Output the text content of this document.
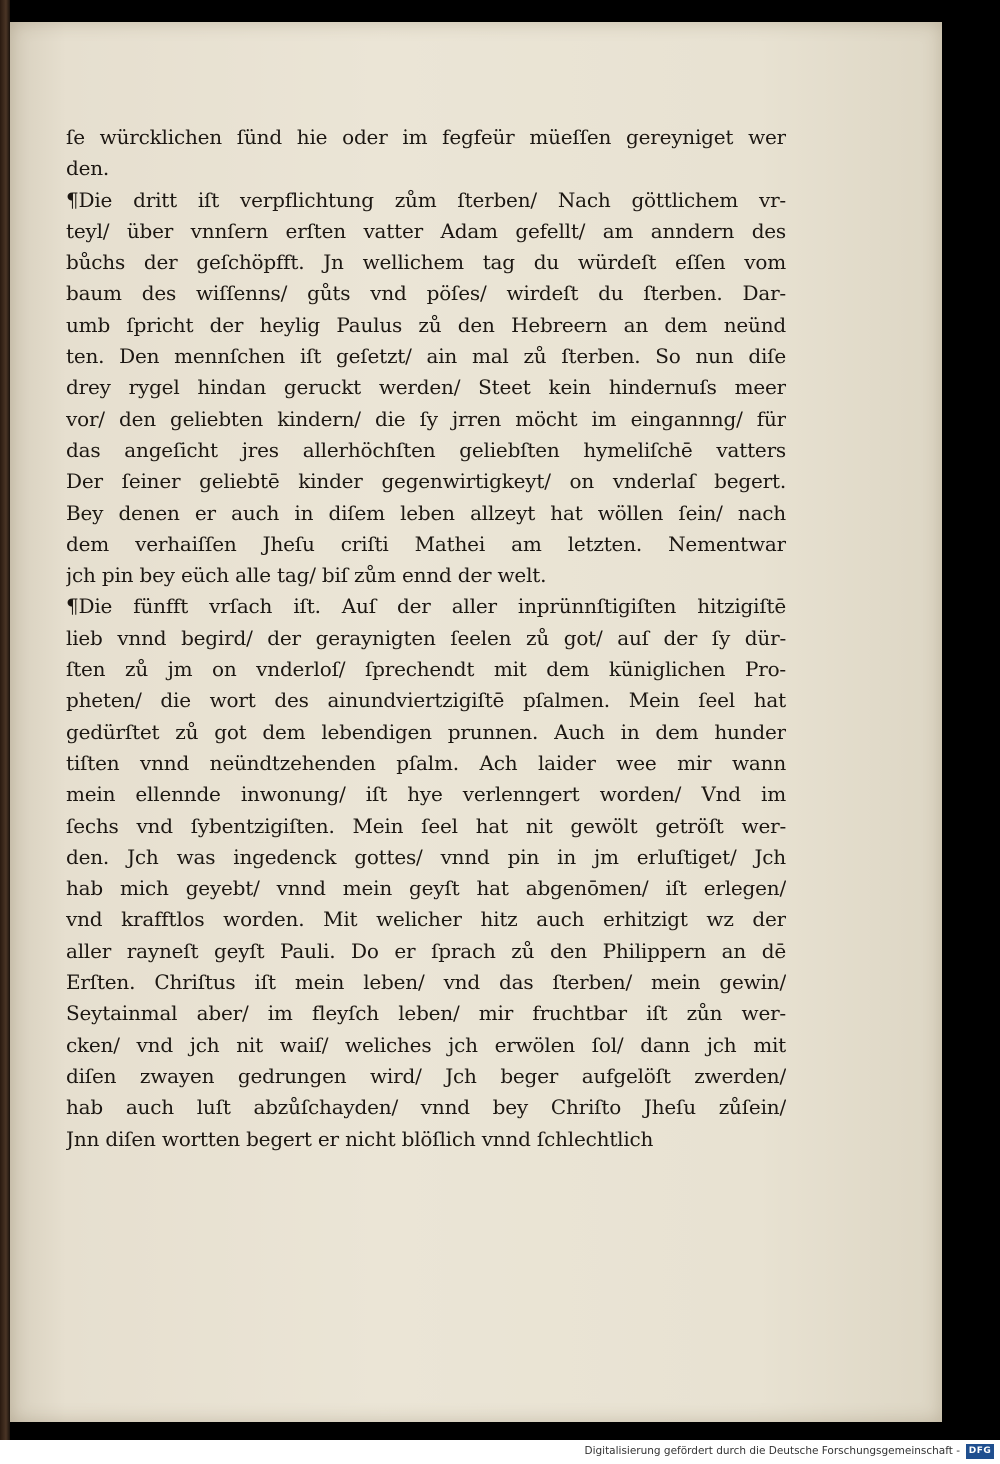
ſe würcklichen ſünd hie oder im fegfeür müeſſen gereyniget wer
den.
¶Die dritt iſt verpflichtung zům ſterben/ Nach göttlichem vr-
teyl/ über vnnſern erſten vatter Adam gefellt/ am anndern des
bůchs der geſchöpfft. Jn wellichem tag du würdeſt eſſen vom
baum des wiſſenns/ gůts vnd pöſes/ wirdeſt du ſterben. Dar-
umb ſpricht der heylig Paulus zů den Hebreern an dem neünd
ten. Den mennſchen iſt geſetzt/ ain mal zů ſterben. So nun diſe
drey rygel hindan geruckt werden/ Steet kein hindernuſs meer
vor/ den geliebten kindern/ die ſy jrren möcht im eingannng/ für
das angeſicht jres allerhöchſten geliebſten hymeliſchē vatters
Der ſeiner geliebtē kinder gegenwirtigkeyt/ on vnderlaſ begert.
Bey denen er auch in diſem leben allzeyt hat wöllen ſein/ nach
dem verhaiſſen Jheſu criſti Mathei am letzten. Nementwar
jch pin bey eüch alle tag/ biſ zům ennd der welt.
¶Die fünfft vrſach iſt. Auſ der aller inprünnſtigiſten hitzigiſtē
lieb vnnd begird/ der geraynigten ſeelen zů got/ auſ der ſy dür-
ſten zů jm on vnderloſ/ ſprechendt mit dem küniglichen Pro-
pheten/ die wort des ainundviertzigiſtē pſalmen. Mein ſeel hat
gedürſtet zů got dem lebendigen prunnen. Auch in dem hunder
tiſten vnnd neündtzehenden pſalm. Ach laider wee mir wann
mein ellennde inwonung/ iſt hye verlenngert worden/ Vnd im
ſechs vnd ſybentzigiſten. Mein ſeel hat nit gewölt getröſt wer-
den. Jch was ingedenck gottes/ vnnd pin in jm erluſtiget/ Jch
hab mich geyebt/ vnnd mein geyſt hat abgenōmen/ iſt erlegen/
vnd krafftlos worden. Mit welicher hitz auch erhitzigt wz der
aller rayneſt geyſt Pauli. Do er ſprach zů den Philippern an dē
Erſten. Chriſtus iſt mein leben/ vnd das ſterben/ mein gewin/
Seytainmal aber/ im fleyſch leben/ mir fruchtbar iſt zůn wer-
cken/ vnd jch nit waiſ/ weliches jch erwölen ſol/ dann jch mit
diſen zwayen gedrungen wird/ Jch beger aufgelöſt zwerden/
hab auch luſt abzůſchayden/ vnnd bey Chriſto Jheſu zůſein/
Jnn diſen wortten begert er nicht blöſlich vnnd ſchlechtlich
Digitalisierung gefördert durch die Deutsche Forschungsgemeinschaft - DFG
